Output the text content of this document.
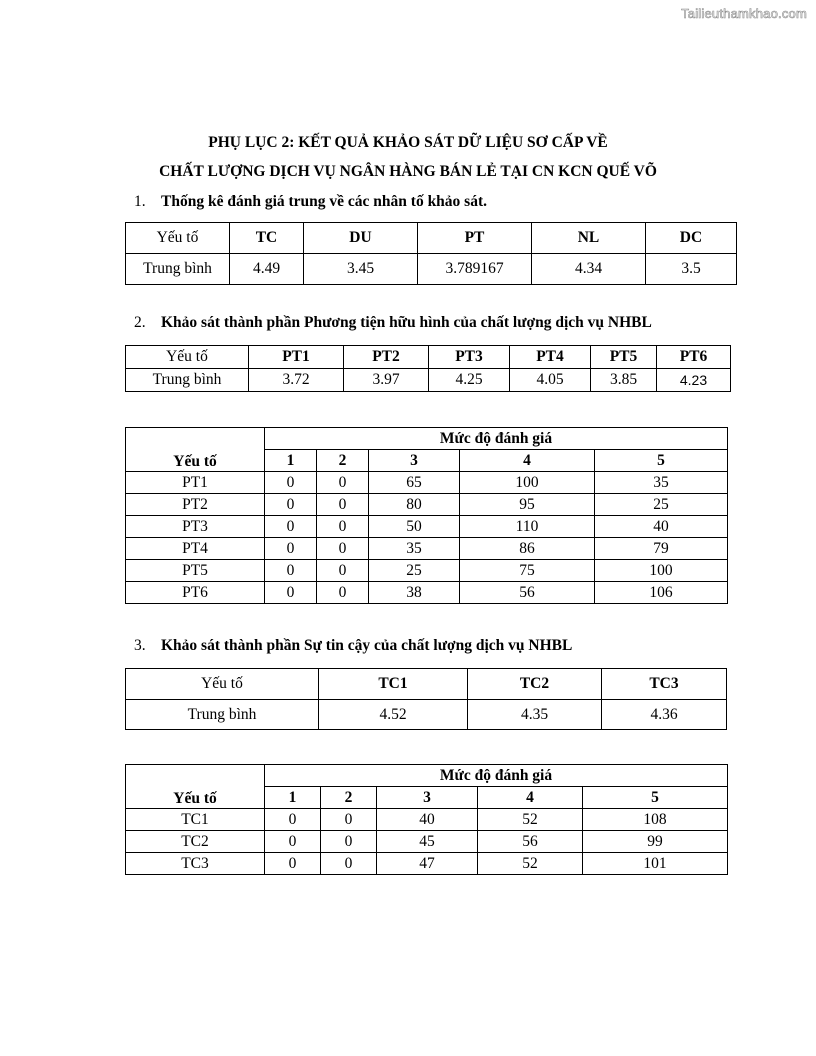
Tailieuthamkhao.com
PHỤ LỤC 2: KẾT QUẢ KHẢO SÁT DỮ LIỆU SƠ CẤP VỀ
CHẤT LƯỢNG DỊCH VỤ NGÂN HÀNG BÁN LẺ TẠI CN KCN QUẾ VÕ
1. Thống kê đánh giá trung về các nhân tố khảo sát.
Yếu tố	TC	DU	PT	NL	DC
Trung bình	4.49	3.45	3.789167	4.34	3.5
2. Khảo sát thành phần Phương tiện hữu hình của chất lượng dịch vụ NHBL
Yếu tố	PT1	PT2	PT3	PT4	PT5	PT6
Trung bình	3.72	3.97	4.25	4.05	3.85	4.23
Yếu tố	Mức độ đánh giá				
	1	2	3	4	5
PT1	0	0	65	100	35
PT2	0	0	80	95	25
PT3	0	0	50	110	40
PT4	0	0	35	86	79
PT5	0	0	25	75	100
PT6	0	0	38	56	106
3. Khảo sát thành phần Sự tin cậy của chất lượng dịch vụ NHBL
Yếu tố	TC1	TC2	TC3
Trung bình	4.52	4.35	4.36
Yếu tố	Mức độ đánh giá				
	1	2	3	4	5
TC1	0	0	40	52	108
TC2	0	0	45	56	99
TC3	0	0	47	52	101
